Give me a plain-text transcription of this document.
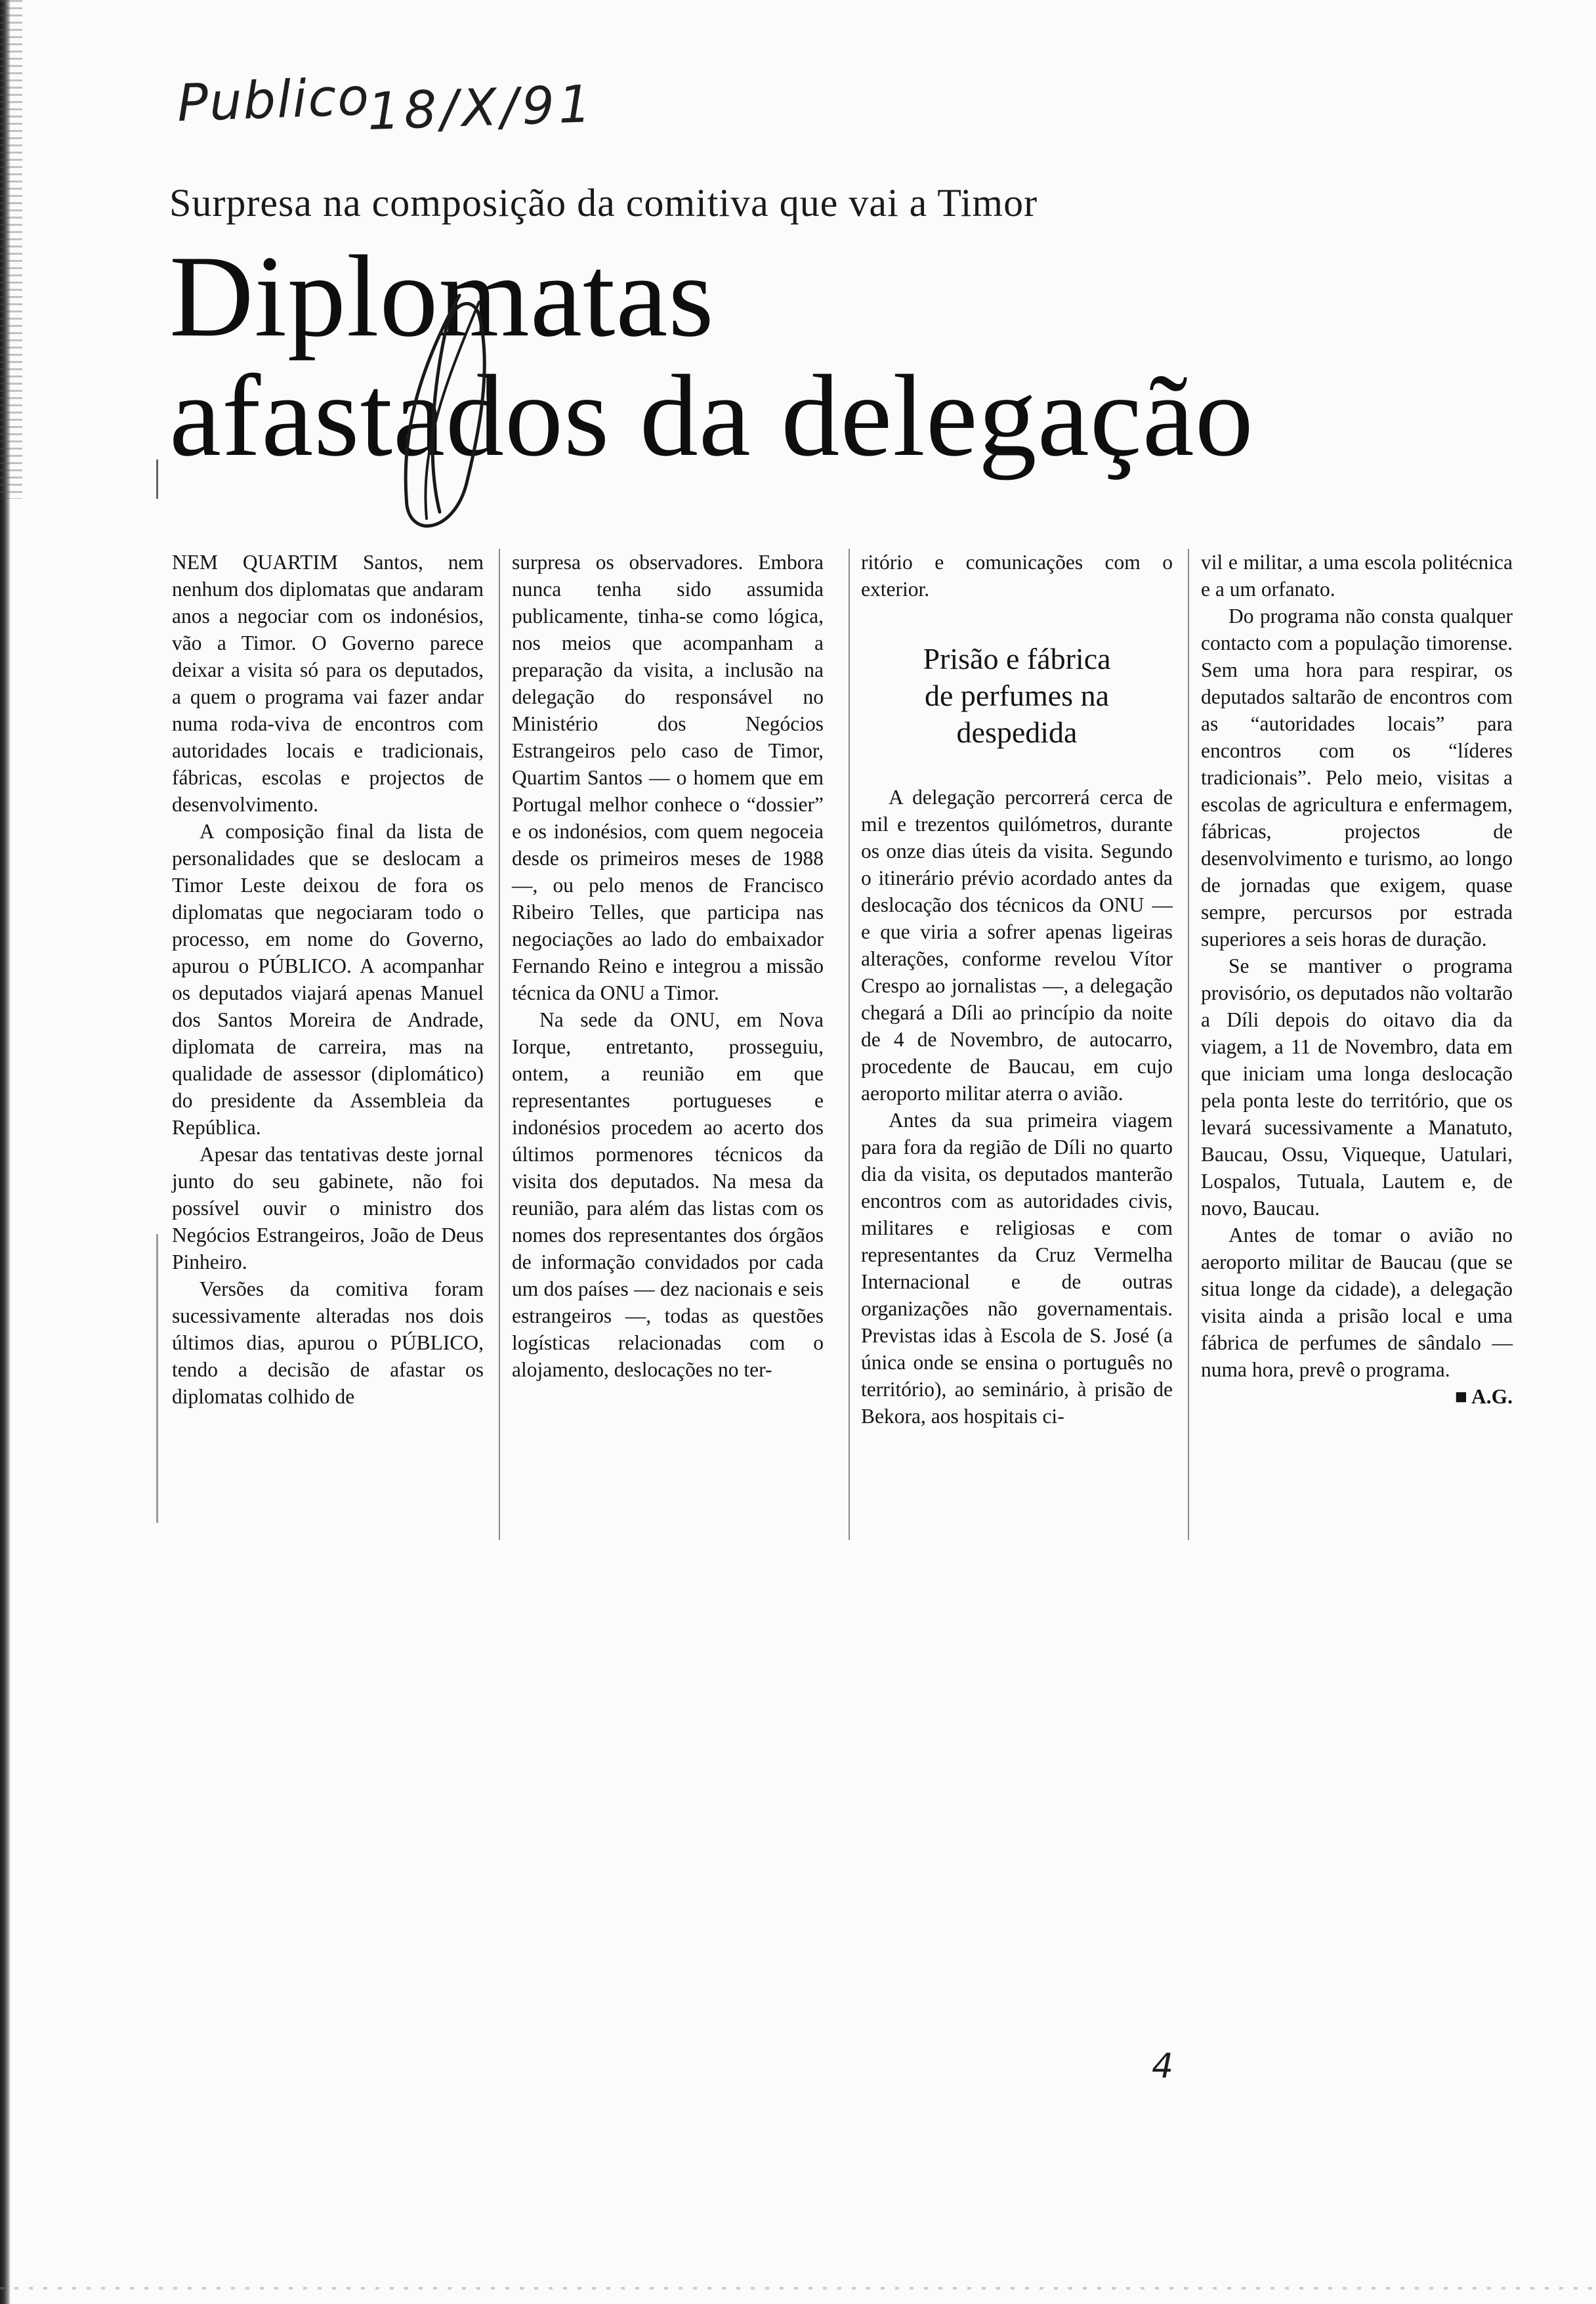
Publico
18/X/91
Surpresa na composição da comitiva que vai a Timor
Diplomatas
afastados da delegação

NEM QUARTIM Santos, nem nenhum dos diplomatas que andaram anos a negociar com os indonésios, vão a Timor. O Governo parece deixar a visita só para os deputados, a quem o programa vai fazer andar numa roda-viva de encontros com autoridades locais e tradicionais, fábricas, escolas e projectos de desenvolvimento.

A composição final da lista de personalidades que se deslocam a Timor Leste deixou de fora os diplomatas que negociaram todo o processo, em nome do Governo, apurou o PÚBLICO. A acompanhar os deputados viajará apenas Manuel dos Santos Moreira de Andrade, diplomata de carreira, mas na qualidade de assessor (diplomático) do presidente da Assembleia da República.

Apesar das tentativas deste jornal junto do seu gabinete, não foi possível ouvir o ministro dos Negócios Estrangeiros, João de Deus Pinheiro.

Versões da comitiva foram sucessivamente alteradas nos dois últimos dias, apurou o PÚBLICO, tendo a decisão de afastar os diplomatas colhido de

surpresa os observadores. Embora nunca tenha sido assumida publicamente, tinha-se como lógica, nos meios que acompanham a preparação da visita, a inclusão na delegação do responsável no Ministério dos Negócios Estrangeiros pelo caso de Timor, Quartim Santos — o homem que em Portugal melhor conhece o “dossier” e os indonésios, com quem negoceia desde os primeiros meses de 1988 —, ou pelo menos de Francisco Ribeiro Telles, que participa nas negociações ao lado do embaixador Fernando Reino e integrou a missão técnica da ONU a Timor.

Na sede da ONU, em Nova Iorque, entretanto, prosseguiu, ontem, a reunião em que representantes portugueses e indonésios procedem ao acerto dos últimos pormenores técnicos da visita dos deputados. Na mesa da reunião, para além das listas com os nomes dos representantes dos órgãos de informação convidados por cada um dos países — dez nacionais e seis estrangeiros —, todas as questões logísticas relacionadas com o alojamento, deslocações no ter-

ritório e comunicações com o exterior.

Prisão e fábrica
de perfumes na despedida

A delegação percorrerá cerca de mil e trezentos quilómetros, durante os onze dias úteis da visita. Segundo o itinerário prévio acordado antes da deslocação dos técnicos da ONU — e que viria a sofrer apenas ligeiras alterações, conforme revelou Vítor Crespo ao jornalistas —, a delegação chegará a Díli ao princípio da noite de 4 de Novembro, de autocarro, procedente de Baucau, em cujo aeroporto militar aterra o avião.

Antes da sua primeira viagem para fora da região de Díli no quarto dia da visita, os deputados manterão encontros com as autoridades civis, militares e religiosas e com representantes da Cruz Vermelha Internacional e de outras organizações não governamentais. Previstas idas à Escola de S. José (a única onde se ensina o português no território), ao seminário, à prisão de Bekora, aos hospitais ci-

vil e militar, a uma escola politécnica e a um orfanato.

Do programa não consta qualquer contacto com a população timorense. Sem uma hora para respirar, os deputados saltarão de encontros com as “autoridades locais” para encontros com os “líderes tradicionais”. Pelo meio, visitas a escolas de agricultura e enfermagem, fábricas, projectos de desenvolvimento e turismo, ao longo de jornadas que exigem, quase sempre, percursos por estrada superiores a seis horas de duração.

Se se mantiver o programa provisório, os deputados não voltarão a Díli depois do oitavo dia da viagem, a 11 de Novembro, data em que iniciam uma longa deslocação pela ponta leste do território, que os levará sucessivamente a Manatuto, Baucau, Ossu, Viqueque, Uatulari, Lospalos, Tutuala, Lautem e, de novo, Baucau.

Antes de tomar o avião no aeroporto militar de Baucau (que se situa longe da cidade), a delegação visita ainda a prisão local e uma fábrica de perfumes de sândalo — numa hora, prevê o programa.

■ A.G.

4
